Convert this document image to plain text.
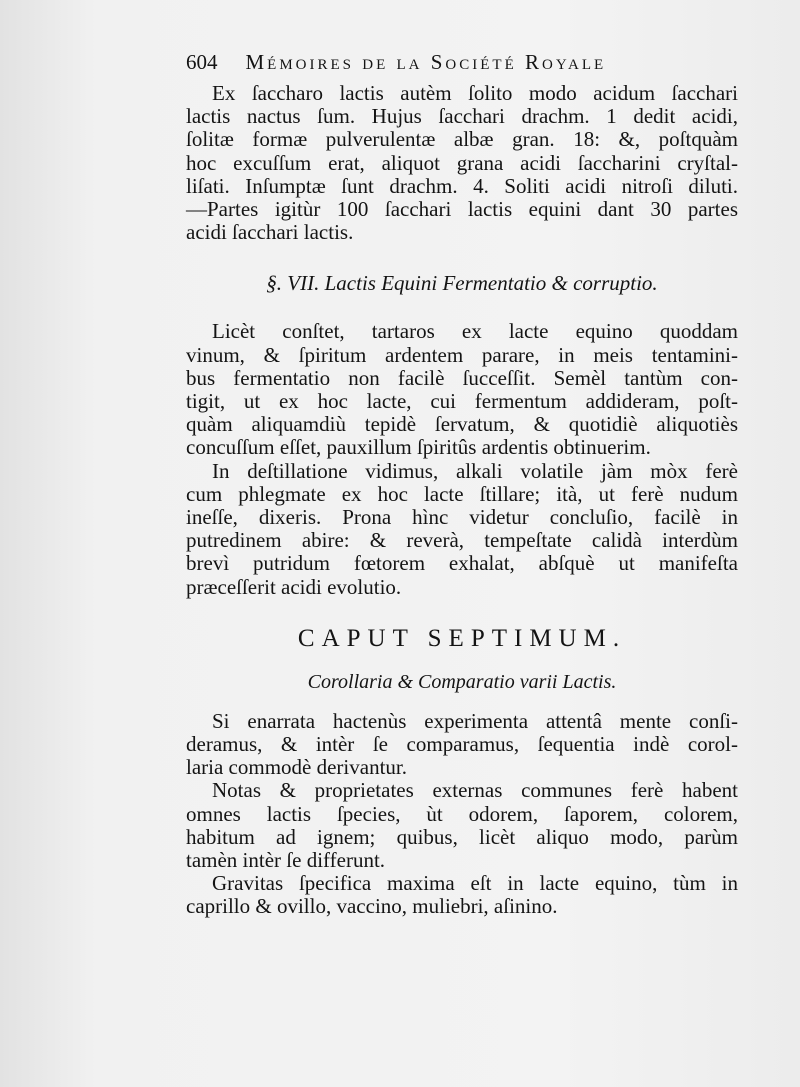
604 Mémoires de la Société Royale
Ex ſaccharo lactis autèm ſolito modo acidum ſacchari
lactis nactus ſum. Hujus ſacchari drachm. 1 dedit acidi,
ſolitæ formæ pulverulentæ albæ gran. 18: &, poſtquàm
hoc excuſſum erat, aliquot grana acidi ſaccharini cryſtal-
liſati. Inſumptæ ſunt drachm. 4. Soliti acidi nitroſi diluti.
—Partes igitùr 100 ſacchari lactis equini dant 30 partes
acidi ſacchari lactis.
§. VII. Lactis Equini Fermentatio & corruptio.
Licèt conſtet, tartaros ex lacte equino quoddam
vinum, & ſpiritum ardentem parare, in meis tentamini-
bus fermentatio non facilè ſucceſſit. Semèl tantùm con-
tigit, ut ex hoc lacte, cui fermentum addideram, poſt-
quàm aliquamdiù tepidè ſervatum, & quotidiè aliquotiès
concuſſum eſſet, pauxillum ſpiritûs ardentis obtinuerim.
In deſtillatione vidimus, alkali volatile jàm mòx ferè
cum phlegmate ex hoc lacte ſtillare; ità, ut ferè nudum
ineſſe, dixeris. Prona hìnc videtur concluſio, facilè in
putredinem abire: & reverà, tempeſtate calidà interdùm
brevì putridum fœtorem exhalat, abſquè ut manifeſta
præceſſerit acidi evolutio.
CAPUT SEPTIMUM.
Corollaria & Comparatio varii Lactis.
Si enarrata hactenùs experimenta attentâ mente conſi-
deramus, & intèr ſe comparamus, ſequentia indè corol-
laria commodè derivantur.
Notas & proprietates externas communes ferè habent
omnes lactis ſpecies, ùt odorem, ſaporem, colorem,
habitum ad ignem; quibus, licèt aliquo modo, parùm
tamèn intèr ſe differunt.
Gravitas ſpecifica maxima eſt in lacte equino, tùm in
caprillo & ovillo, vaccino, muliebri, aſinino.
